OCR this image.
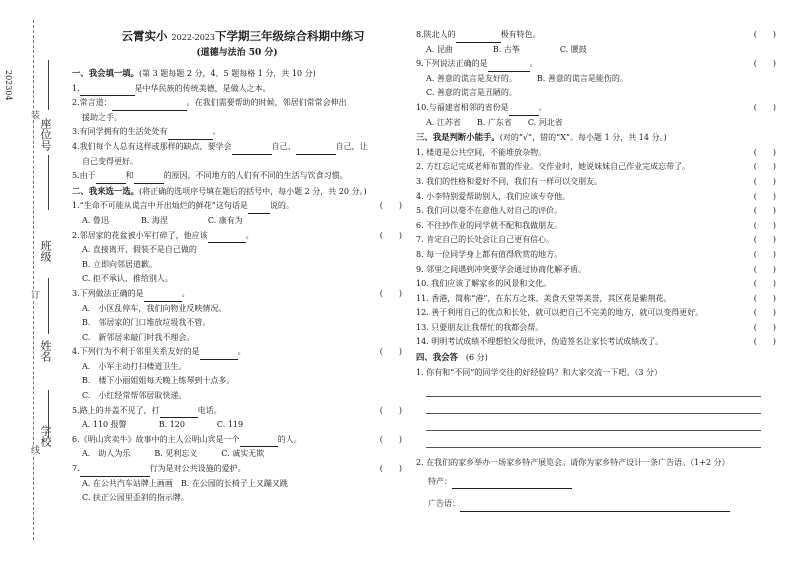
202304
装
订
线
学校
姓名
班级
座位号
云霄实小 2022-2023下学期三年级综合科期中练习
(道德与法治 50 分)
一、我会填一填。(第 3 题每题 2 分，4、5 题每格 1 分，共 10 分)
1.	是中华民族的传统美德，是做人之本。
2.常言道：	。在我们需要帮助的时候，邻居们常常会伸出
援助之手。
3.有同学拥有的生活处处有	。
4.我们每个人总有这样或那样的缺点，要学会	自己、	自己，让
自己变得更好。
5.由于	和	的原因，不同地方的人们有不同的生活与饮食习惯。
二、我来选一选。(将正确的选项序号填在题后的括号中，每小题 2 分，共 20 分。)
1.“生命不可能从谎言中开出灿烂的鲜花”这句话是	说的。	(　　)
A. 鲁迅　　　　	B. 海涅　　　　　	C. 康有为
2.邻居家的花盆被小军打碎了，他应该	。	(　　)
A. 直接离开、假装不是自己做的
B. 立即向邻居道歉。
C. 拒不承认、推给别人。
3.下列做法正确的是	。	(　　)
A.　小区乱停车，我们向物业反映情况。
B.　邻居家的门口堆放垃圾我不管。
C.　新邻居来敲门时我不理会。
4.下列行为不利于邻里关系友好的是	。	(　　)
A.　小军主动打扫楼道卫生。
B.　楼下小丽姐姐每天晚上练琴到十点多。
C.　小红经常帮邻居取快递。
5.路上的井盖不见了，打	电话。	(　　)
A. 110 报警　　　　	B. 120　　　　	C. 119
6.《明山宾卖牛》故事中的主人公明山宾是一个	的人。	(　　)
A.　助人为乐　　　	B. 见利忘义　　　	C. 诚实无欺
7.	行为是对公共设施的爱护。	(　　)
A. 在公共汽车站牌上画画　 B. 在公园的长椅子上又蹦又跳
C. 扶正公园里歪斜的指示牌。
8.陕北人的	极有特色。	(　　)
A. 昆曲　　　　　	B. 古筝　　　　　	C. 腰鼓
9.下列说法正确的是	。	(　　)
A. 善意的谎言是友好的。　　　	B. 善意的谎言是能伤的。
C. 善意的谎言是丑陋的。
10.与福建省相邻的省份是	。	(　　)
A. 江苏省　　 B. 广东省　　 C. 河北省
三、我是判断小能手。(对的“√”，错的“X”。每小题 1 分，共 14 分。)
1. 楼道是公共空间，不能堆放杂物。	(　　)
2. 方红忘记完成老师布置的作业。交作业时，她说妹妹自己作业完成忘带了。	(　　)
3. 我们的性格和爱好不同，我们有一样可以交朋友。	(　　)
4. 小李特别爱帮助别人，我们应该专夸他。	(　　)
5. 我们可以毫不在意他人对自己的评价。	(　　)
6. 不往抄作业的同学就不配和我做朋友。	(　　)
7. 肯定自己的长处会让自己更有信心。	(　　)
8. 每一位同学身上都有值得欣赏的地方。	(　　)
9. 邻里之间遇到冲突要学会通过协商化解矛盾。	(　　)
10. 我们应该了解家乡的风景和文化。	(　　)
11. 香港，简称“港”，在东方之珠、美食天堂等美誉，其区花是紫荆花。	(　　)
12. 善于利用自己的优点和长处，就可以把自己不完美的地方，就可以变得更好。	(　　)
13. 只要朋友让我帮忙的我都会帮。	(　　)
14. 明明考试成绩不理想怕父母批评，伪造签名让家长考试成绩改了。	(　　)
四、我会答　 (6 分)
1. 你有和“不同”的同学交往的好经验吗？和大家交流一下吧。（3 分）
2. 在我们的家乡举办一场家乡特产展览会。请你为家乡特产设计一条广告语。（1+2 分）
特产：
广告语：
